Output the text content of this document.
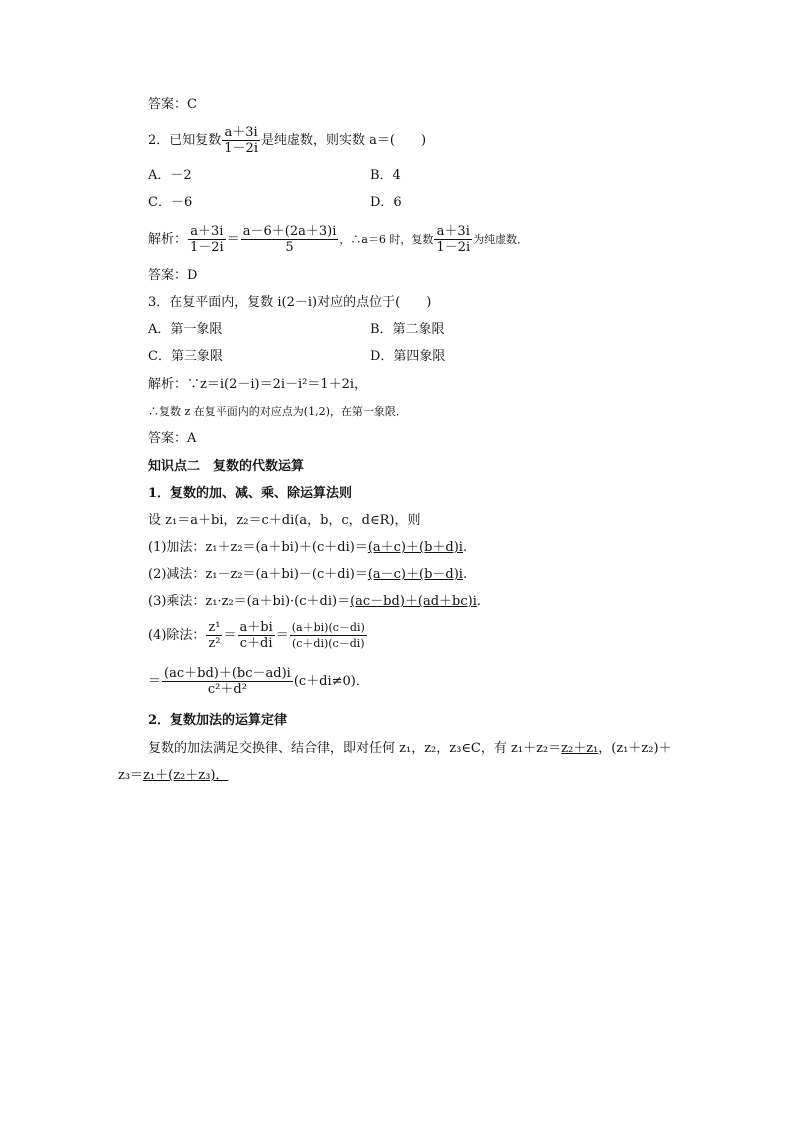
答案：C
2．已知复数 $\frac{a+3i}{1-2i}$ 是纯虚数，则实数 a＝(　　)
A．－2	B．4
C．－6	D．6
解析： $\frac{a+3i}{1-2i} = \frac{a-6+(2a+3)i}{5}$ ，∴a＝6 时，复数 $\frac{a+3i}{1-2i}$ 为纯虚数．
答案：D
3．在复平面内，复数 i(2－i)对应的点位于(　　)
A．第一象限	B．第二象限
C．第三象限	D．第四象限
解析：∵z＝i(2－i)＝2i－i²＝1＋2i，
∴复数 z 在复平面内的对应点为(1,2)，在第一象限．
答案：A
知识点二　复数的代数运算
1．复数的加、减、乘、除运算法则
设 z₁＝a＋bi，z₂＝c＋di(a，b，c，d∈R)，则
(1)加法：z₁＋z₂＝(a＋bi)＋(c＋di)＝(a＋c)＋(b＋d)i.
(2)减法：z₁－z₂＝(a＋bi)－(c＋di)＝(a－c)＋(b－d)i.
(3)乘法：z₁·z₂＝(a＋bi)·(c＋di)＝(ac－bd)＋(ad＋bc)i.
(4)除法： $\frac{\text{z¹}}{\text{z²}} = \frac{a+bi}{c+di} = \frac{(a+bi)(c-di)}{(c+di)(c-di)}$
＝ $\frac{(ac+bd)+(bc-ad)i}{\text{c²＋d²}} (c+di\ne 0)$．
2．复数加法的运算定律
复数的加法满足交换律、结合律，即对任何 z₁，z₂，z₃∈C，有 z₁＋z₂＝z₂＋z₁，(z₁＋z₂)＋
z₃＝z₁＋(z₂＋z₃)．
